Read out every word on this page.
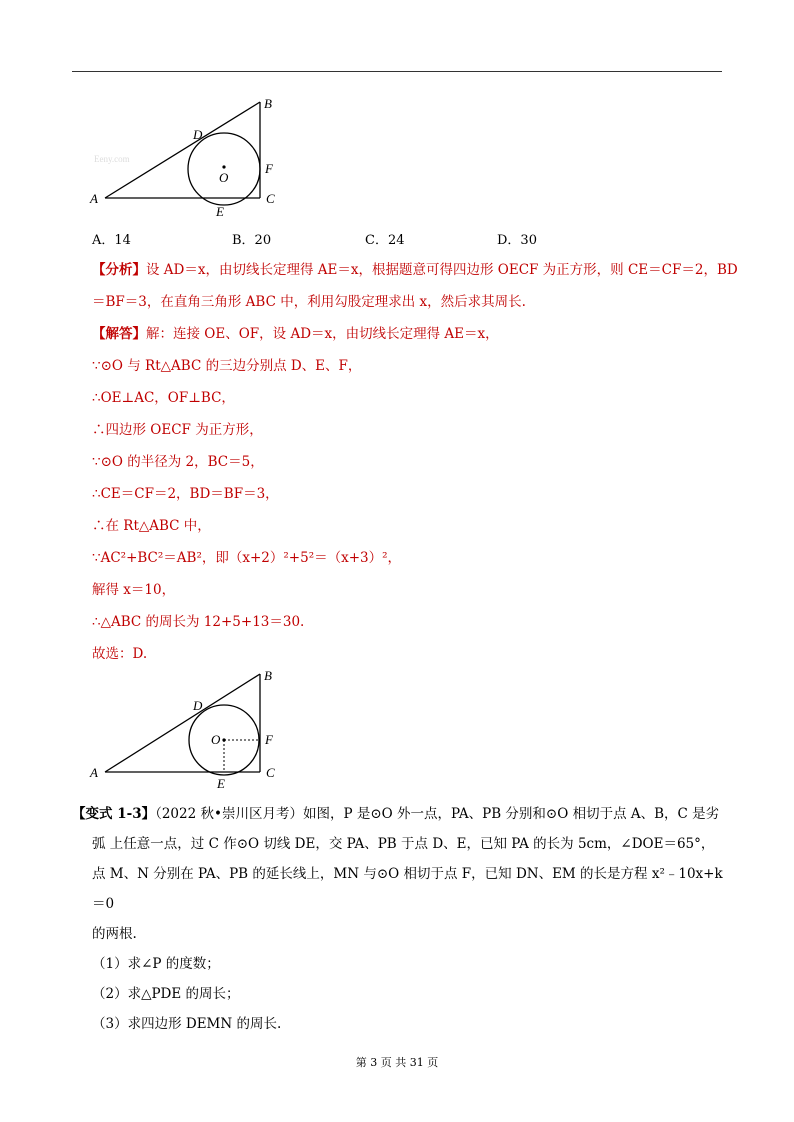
Eeny.com
A
B
C
D
E
F
O
A．14	B．20	C．24	D．30
【分析】设 AD＝x，由切线长定理得 AE＝x，根据题意可得四边形 OECF 为正方形，则 CE＝CF＝2，BD
＝BF＝3，在直角三角形 ABC 中，利用勾股定理求出 x，然后求其周长.
【解答】解：连接 OE、OF，设 AD＝x，由切线长定理得 AE＝x，
∵⊙O 与 Rt△ABC 的三边分别点 D、E、F，
∴OE⊥AC，OF⊥BC，
∴四边形 OECF 为正方形，
∵⊙O 的半径为 2，BC＝5，
∴CE＝CF＝2，BD＝BF＝3，
∴在 Rt△ABC 中，
∵AC²+BC²＝AB²，即（x+2）²+5²＝（x+3）²，
解得 x＝10，
∴△ABC 的周长为 12+5+13＝30.
故选：D.
A
B
C
D
E
F
O
【变式 1-3】（2022 秋•崇川区月考）如图，P 是⊙O 外一点，PA、PB 分别和⊙O 相切于点 A、B，C 是劣
弧 上任意一点，过 C 作⊙O 切线 DE，交 PA、PB 于点 D、E，已知 PA 的长为 5cm，∠DOE＝65°，
点 M、N 分别在 PA、PB 的延长线上，MN 与⊙O 相切于点 F，已知 DN、EM 的长是方程 x²﹣10x+k＝0
的两根.
（1）求∠P 的度数；
（2）求△PDE 的周长；
（3）求四边形 DEMN 的周长.
第 3 页 共 31 页
